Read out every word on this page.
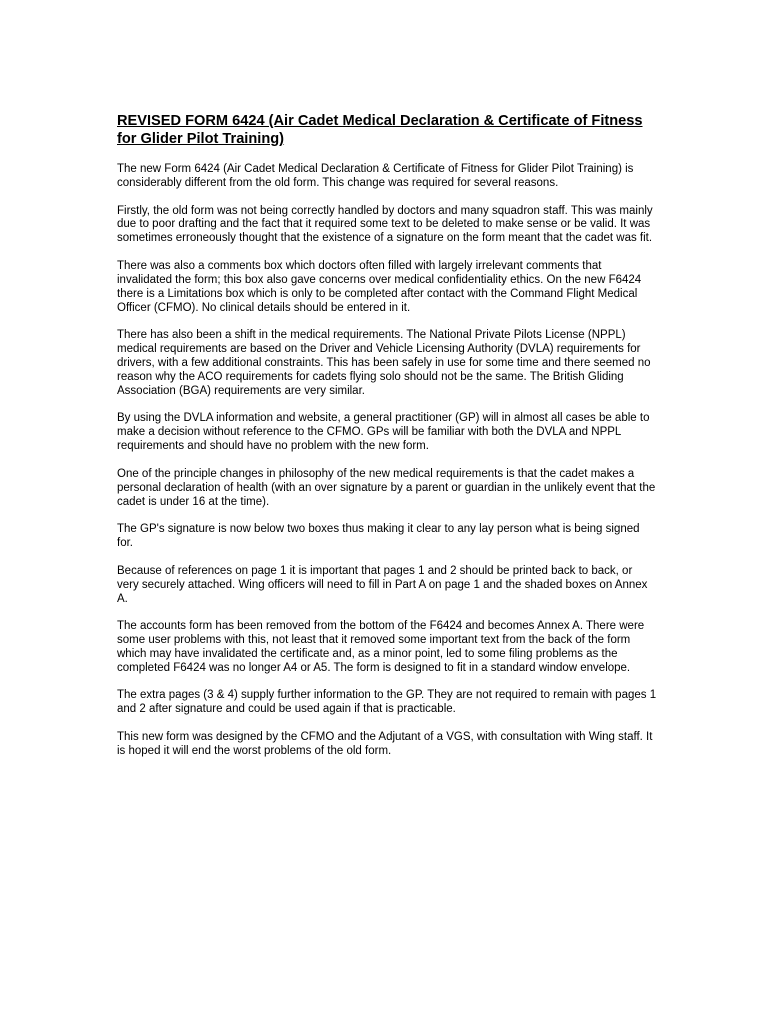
REVISED FORM 6424 (Air Cadet Medical Declaration & Certificate of Fitness for Glider Pilot Training)

The new Form 6424 (Air Cadet Medical Declaration & Certificate of Fitness for Glider Pilot Training) is considerably different from the old form. This change was required for several reasons.

Firstly, the old form was not being correctly handled by doctors and many squadron staff. This was mainly due to poor drafting and the fact that it required some text to be deleted to make sense or be valid. It was sometimes erroneously thought that the existence of a signature on the form meant that the cadet was fit.

There was also a comments box which doctors often filled with largely irrelevant comments that invalidated the form; this box also gave concerns over medical confidentiality ethics. On the new F6424 there is a Limitations box which is only to be completed after contact with the Command Flight Medical Officer (CFMO). No clinical details should be entered in it.

There has also been a shift in the medical requirements. The National Private Pilots License (NPPL) medical requirements are based on the Driver and Vehicle Licensing Authority (DVLA) requirements for drivers, with a few additional constraints. This has been safely in use for some time and there seemed no reason why the ACO requirements for cadets flying solo should not be the same. The British Gliding Association (BGA) requirements are very similar.

By using the DVLA information and website, a general practitioner (GP) will in almost all cases be able to make a decision without reference to the CFMO. GPs will be familiar with both the DVLA and NPPL requirements and should have no problem with the new form.

One of the principle changes in philosophy of the new medical requirements is that the cadet makes a personal declaration of health (with an over signature by a parent or guardian in the unlikely event that the cadet is under 16 at the time).

The GP's signature is now below two boxes thus making it clear to any lay person what is being signed for.

Because of references on page 1 it is important that pages 1 and 2 should be printed back to back, or very securely attached. Wing officers will need to fill in Part A on page 1 and the shaded boxes on Annex A.

The accounts form has been removed from the bottom of the F6424 and becomes Annex A. There were some user problems with this, not least that it removed some important text from the back of the form which may have invalidated the certificate and, as a minor point, led to some filing problems as the completed F6424 was no longer A4 or A5. The form is designed to fit in a standard window envelope.

The extra pages (3 & 4) supply further information to the GP. They are not required to remain with pages 1 and 2 after signature and could be used again if that is practicable.

This new form was designed by the CFMO and the Adjutant of a VGS, with consultation with Wing staff. It is hoped it will end the worst problems of the old form.
